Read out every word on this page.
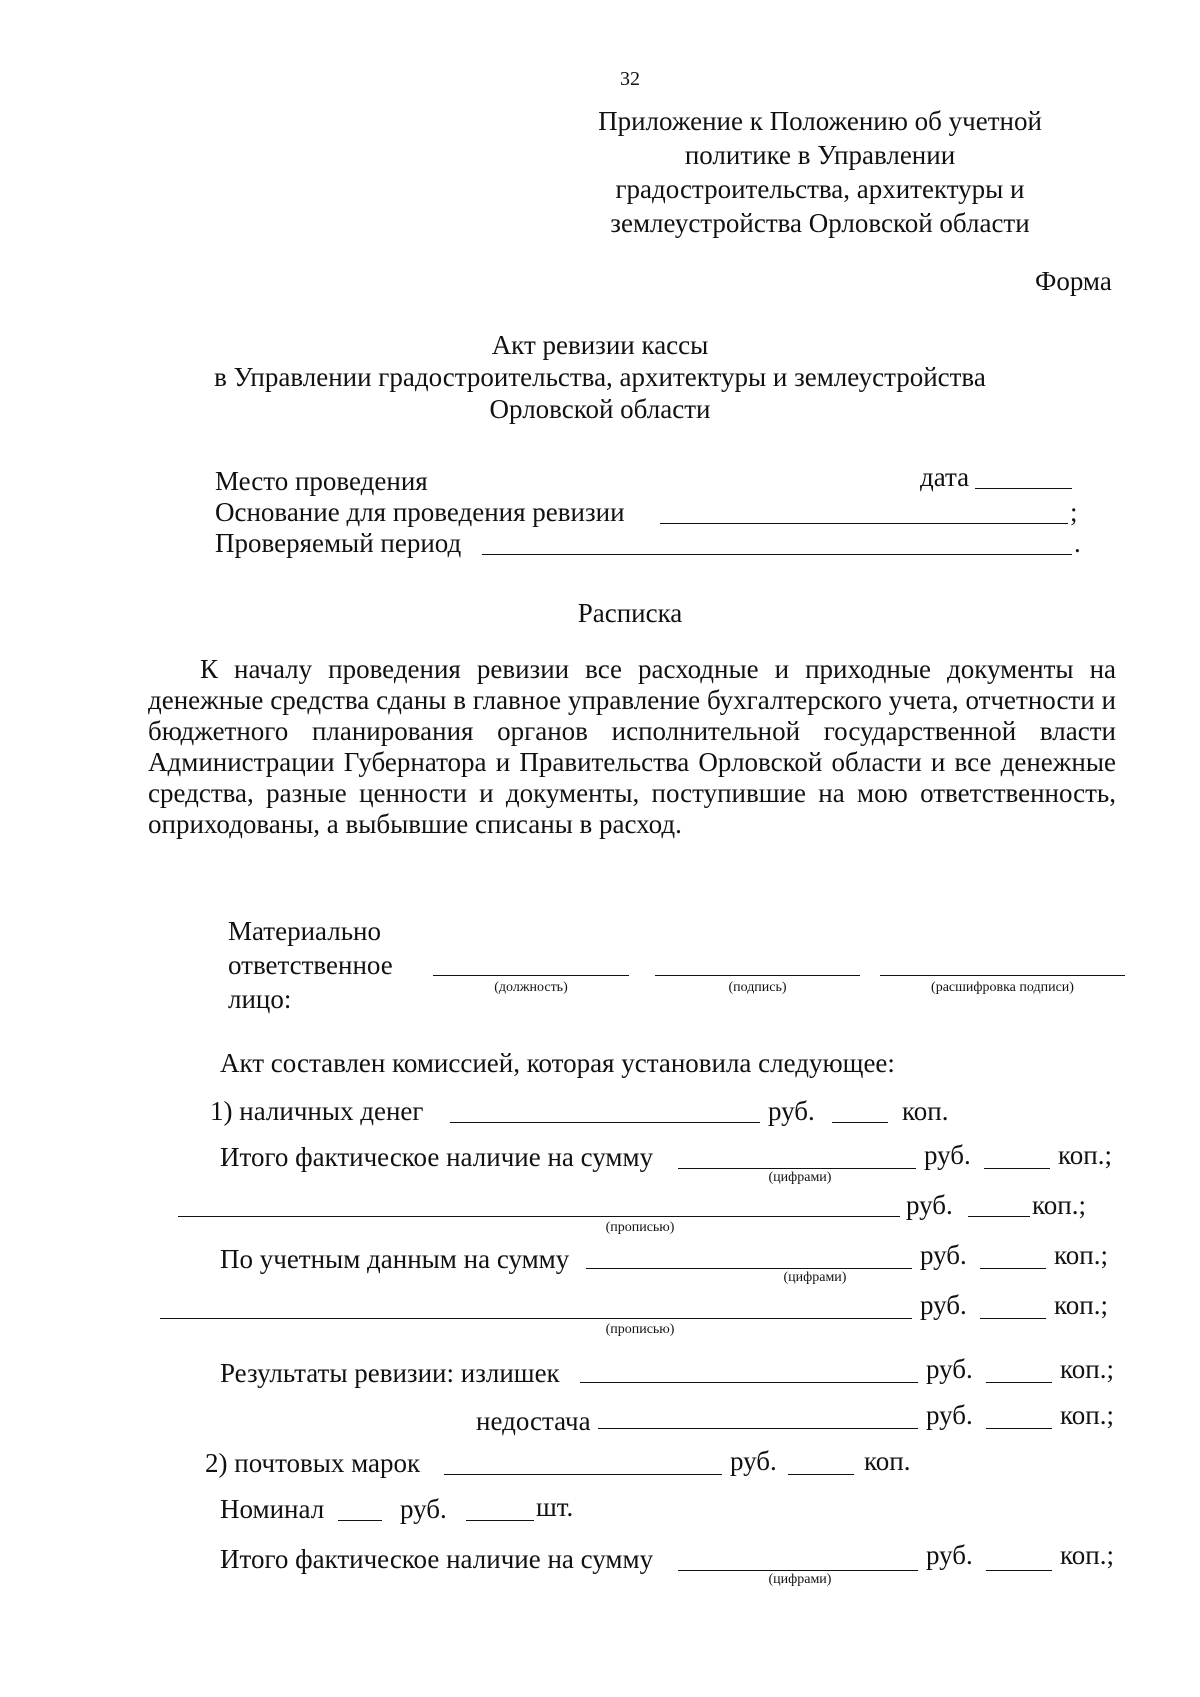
32
Приложение к Положению об учетной
политике в Управлении
градостроительства, архитектуры и
землеустройства Орловской области
Форма
Акт ревизии кассы
в Управлении градостроительства, архитектуры и землеустройства
Орловской области
Место проведения	дата
Основание для проведения ревизии	;
Проверяемый период	.
Расписка
К началу проведения ревизии все расходные и приходные документы на денежные средства сданы в главное управление бухгалтерского учета, отчетности и бюджетного планирования органов исполнительной государственной власти Администрации Губернатора и Правительства Орловской области и все денежные средства, разные ценности и документы, поступившие на мою ответственность, оприходованы, а выбывшие списаны в расход.
Материально
ответственное
лицо:	(должность)	(подпись)	(расшифровка подписи)
Акт составлен комиссией, которая установила следующее:
1) наличных денег	руб.	коп.
Итого фактическое наличие на сумму	руб.	коп.;
(цифрами)
руб.	коп.;
(прописью)
По учетным данным на сумму	руб.	коп.;
(цифрами)
руб.	коп.;
(прописью)
Результаты ревизии: излишек	руб.	коп.;
недостача	руб.	коп.;
2) почтовых марок	руб.	коп.
Номинал	руб.	шт.
Итого фактическое наличие на сумму	руб.	коп.;
(цифрами)
